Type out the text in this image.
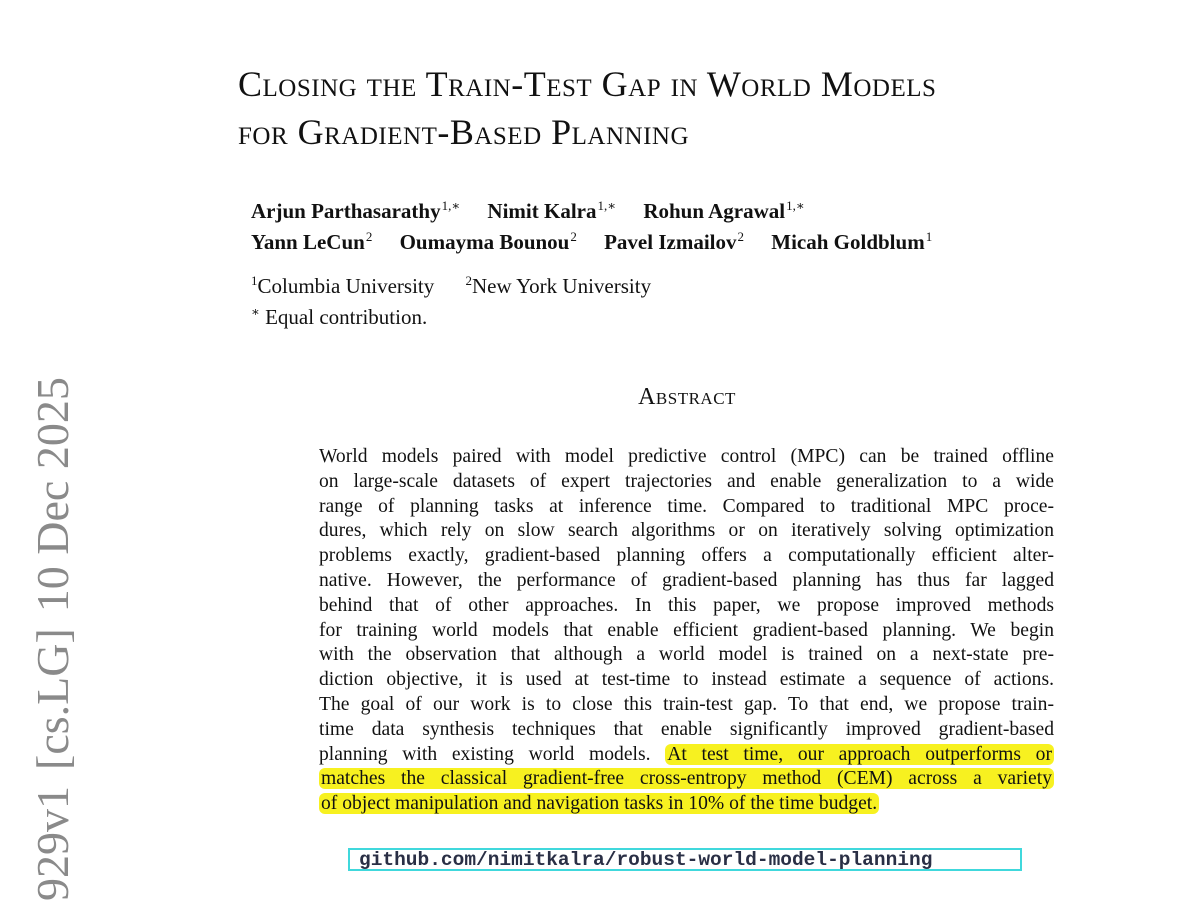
929v1[cs.LG]10 Dec 2025
Closing the Train-Test Gap in World Models
for Gradient-Based Planning
Arjun Parthasarathy$^{1,∗}$ Nimit Kalra$^{1,∗}$ Rohun Agrawal$^{1,∗}$
Yann LeCun$^2$ Oumayma Bounou$^2$ Pavel Izmailov$^2$ Micah Goldblum$^1$
$^1$Columbia University $^2$New York University
∗ Equal contribution.
Abstract
World models paired with model predictive control (MPC) can be trained offline
on large-scale datasets of expert trajectories and enable generalization to a wide
range of planning tasks at inference time. Compared to traditional MPC proce-
dures, which rely on slow search algorithms or on iteratively solving optimization
problems exactly, gradient-based planning offers a computationally efficient alter-
native. However, the performance of gradient-based planning has thus far lagged
behind that of other approaches. In this paper, we propose improved methods
for training world models that enable efficient gradient-based planning. We begin
with the observation that although a world model is trained on a next-state pre-
diction objective, it is used at test-time to instead estimate a sequence of actions.
The goal of our work is to close this train-test gap. To that end, we propose train-
time data synthesis techniques that enable significantly improved gradient-based
planning with existing world models. At test time, our approach outperforms or
matches the classical gradient-free cross-entropy method (CEM) across a variety
of object manipulation and navigation tasks in 10% of the time budget.
github.com/nimitkalra/robust-world-model-planning
